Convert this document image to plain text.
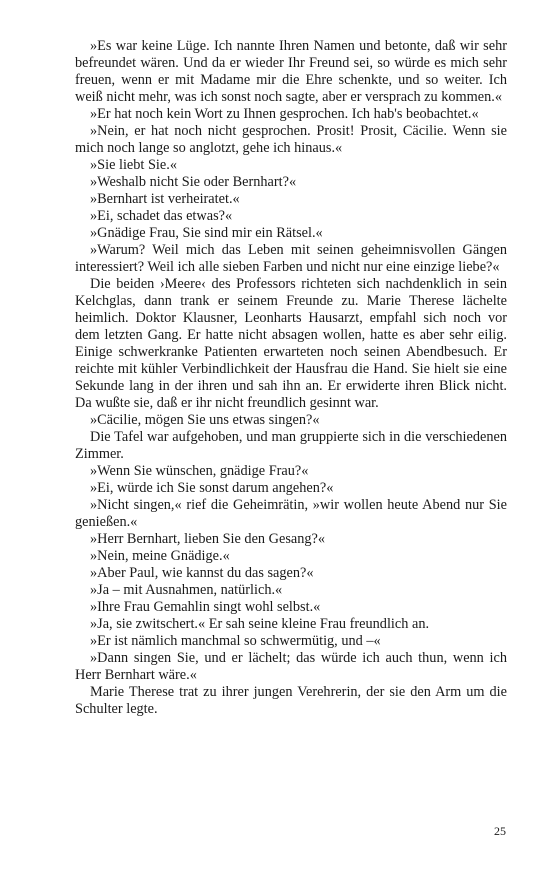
»Es war keine Lüge. Ich nannte Ihren Namen und betonte, daß wir sehr befreundet wären. Und da er wieder Ihr Freund sei, so würde es mich sehr freuen, wenn er mit Madame mir die Ehre schenkte, und so weiter. Ich weiß nicht mehr, was ich sonst noch sagte, aber er versprach zu kommen.«

»Er hat noch kein Wort zu Ihnen gesprochen. Ich hab's beobachtet.«

»Nein, er hat noch nicht gesprochen. Prosit! Prosit, Cäcilie. Wenn sie mich noch lange so anglotzt, gehe ich hinaus.«

»Sie liebt Sie.«

»Weshalb nicht Sie oder Bernhart?«

»Bernhart ist verheiratet.«

»Ei, schadet das etwas?«

»Gnädige Frau, Sie sind mir ein Rätsel.«

»Warum? Weil mich das Leben mit seinen geheimnisvollen Gängen interessiert? Weil ich alle sieben Farben und nicht nur eine einzige liebe?«

Die beiden ›Meere‹ des Professors richteten sich nachdenklich in sein Kelchglas, dann trank er seinem Freunde zu. Marie Therese lächelte heimlich. Doktor Klausner, Leonharts Hausarzt, empfahl sich noch vor dem letzten Gang. Er hatte nicht absagen wollen, hatte es aber sehr eilig. Einige schwerkranke Patienten erwarteten noch seinen Abendbesuch. Er reichte mit kühler Verbindlichkeit der Hausfrau die Hand. Sie hielt sie eine Sekunde lang in der ihren und sah ihn an. Er erwiderte ihren Blick nicht. Da wußte sie, daß er ihr nicht freundlich gesinnt war.

»Cäcilie, mögen Sie uns etwas singen?«

Die Tafel war aufgehoben, und man gruppierte sich in die verschiedenen Zimmer.

»Wenn Sie wünschen, gnädige Frau?«

»Ei, würde ich Sie sonst darum angehen?«

»Nicht singen,« rief die Geheimrätin, »wir wollen heute Abend nur Sie genießen.«

»Herr Bernhart, lieben Sie den Gesang?«

»Nein, meine Gnädige.«

»Aber Paul, wie kannst du das sagen?«

»Ja – mit Ausnahmen, natürlich.«

»Ihre Frau Gemahlin singt wohl selbst.«

»Ja, sie zwitschert.« Er sah seine kleine Frau freundlich an.

»Er ist nämlich manchmal so schwermütig, und –«

»Dann singen Sie, und er lächelt; das würde ich auch thun, wenn ich Herr Bernhart wäre.«

Marie Therese trat zu ihrer jungen Verehrerin, der sie den Arm um die Schulter legte.

25
